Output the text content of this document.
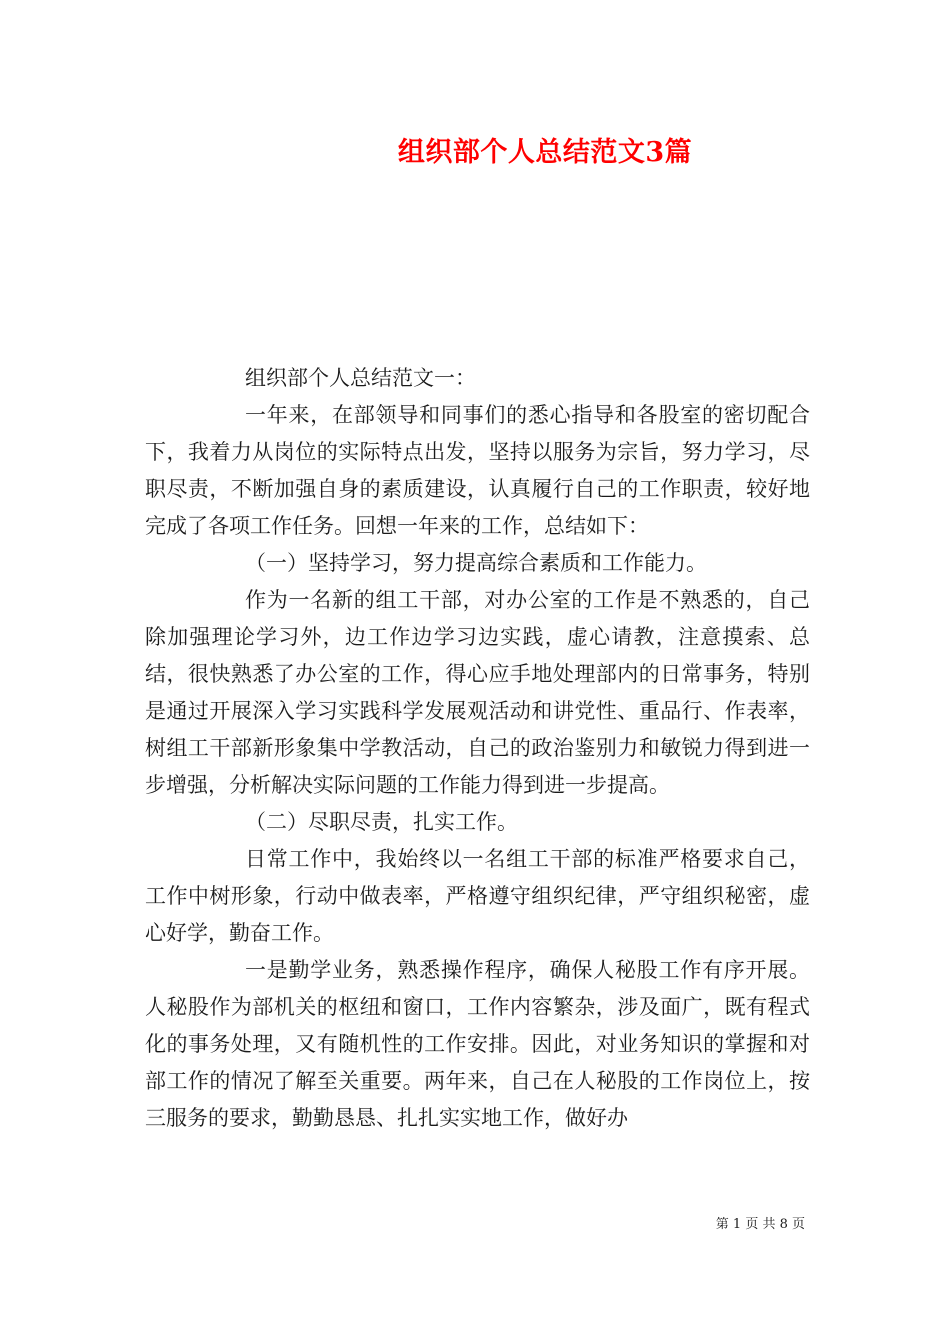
组织部个人总结范文3篇

组织部个人总结范文一：

一年来，在部领导和同事们的悉心指导和各股室的密切配合下，我着力从岗位的实际特点出发，坚持以服务为宗旨，努力学习，尽职尽责，不断加强自身的素质建设，认真履行自己的工作职责，较好地完成了各项工作任务。回想一年来的工作，总结如下：

（一）坚持学习，努力提高综合素质和工作能力。

作为一名新的组工干部，对办公室的工作是不熟悉的，自己除加强理论学习外，边工作边学习边实践，虚心请教，注意摸索、总结，很快熟悉了办公室的工作，得心应手地处理部内的日常事务，特别是通过开展深入学习实践科学发展观活动和讲党性、重品行、作表率，树组工干部新形象集中学教活动，自己的政治鉴别力和敏锐力得到进一步增强，分析解决实际问题的工作能力得到进一步提高。

（二）尽职尽责，扎实工作。

日常工作中，我始终以一名组工干部的标准严格要求自己，工作中树形象，行动中做表率，严格遵守组织纪律，严守组织秘密，虚心好学，勤奋工作。

一是勤学业务，熟悉操作程序，确保人秘股工作有序开展。人秘股作为部机关的枢纽和窗口，工作内容繁杂，涉及面广，既有程式化的事务处理，又有随机性的工作安排。因此，对业务知识的掌握和对部工作的情况了解至关重要。两年来，自己在人秘股的工作岗位上，按三服务的要求，勤勤恳恳、扎扎实实地工作，做好办

第 1 页 共 8 页
